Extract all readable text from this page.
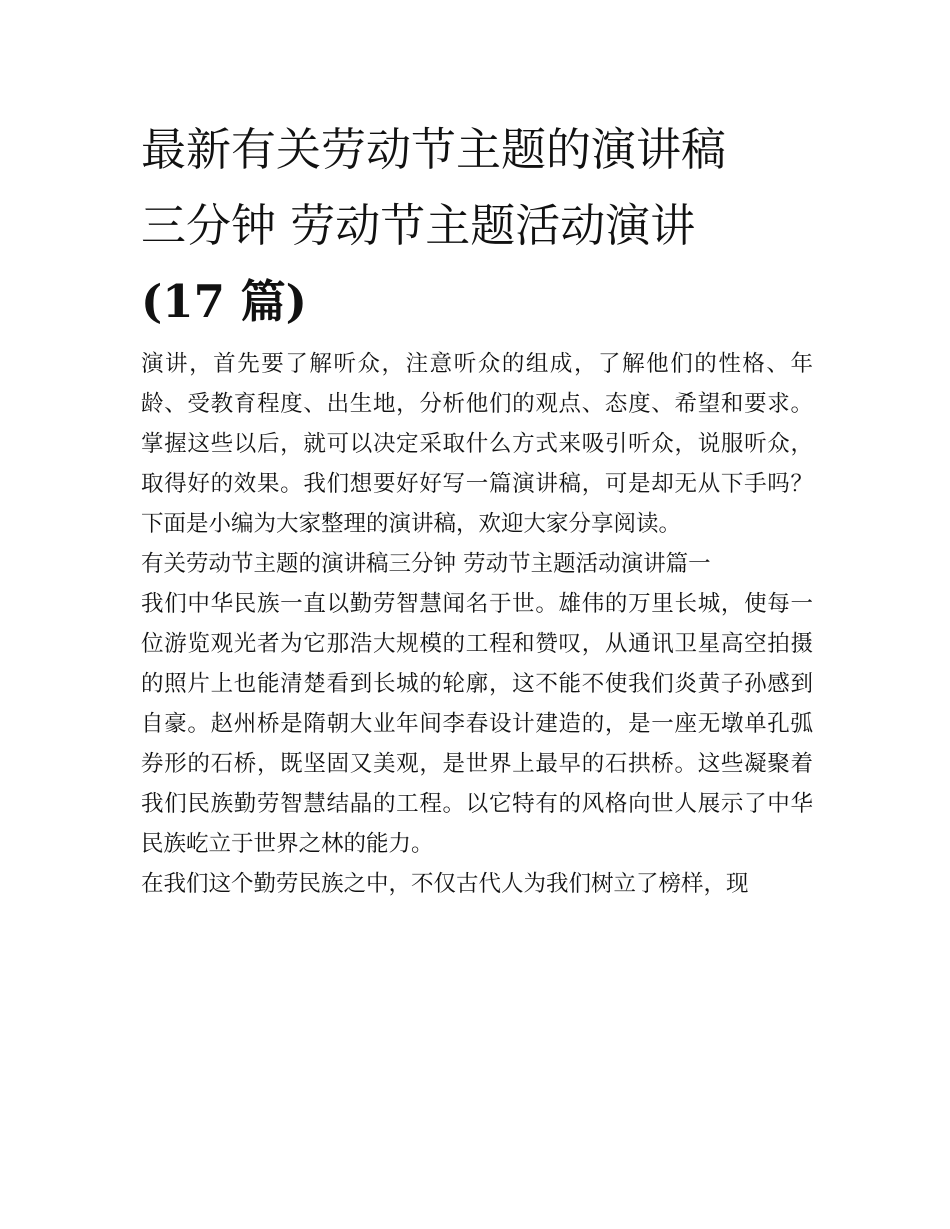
最新有关劳动节主题的演讲稿
三分钟 劳动节主题活动演讲
(17 篇)

演讲，首先要了解听众，注意听众的组成，了解他们的性格、年龄、受教育程度、出生地，分析他们的观点、态度、希望和要求。掌握这些以后，就可以决定采取什么方式来吸引听众，说服听众，取得好的效果。我们想要好好写一篇演讲稿，可是却无从下手吗？下面是小编为大家整理的演讲稿，欢迎大家分享阅读。

有关劳动节主题的演讲稿三分钟 劳动节主题活动演讲篇一

我们中华民族一直以勤劳智慧闻名于世。雄伟的万里长城，使每一位游览观光者为它那浩大规模的工程和赞叹，从通讯卫星高空拍摄的照片上也能清楚看到长城的轮廓，这不能不使我们炎黄子孙感到自豪。赵州桥是隋朝大业年间李春设计建造的，是一座无墩单孔弧券形的石桥，既坚固又美观，是世界上最早的石拱桥。这些凝聚着我们民族勤劳智慧结晶的工程。以它特有的风格向世人展示了中华民族屹立于世界之林的能力。

在我们这个勤劳民族之中，不仅古代人为我们树立了榜样，现
